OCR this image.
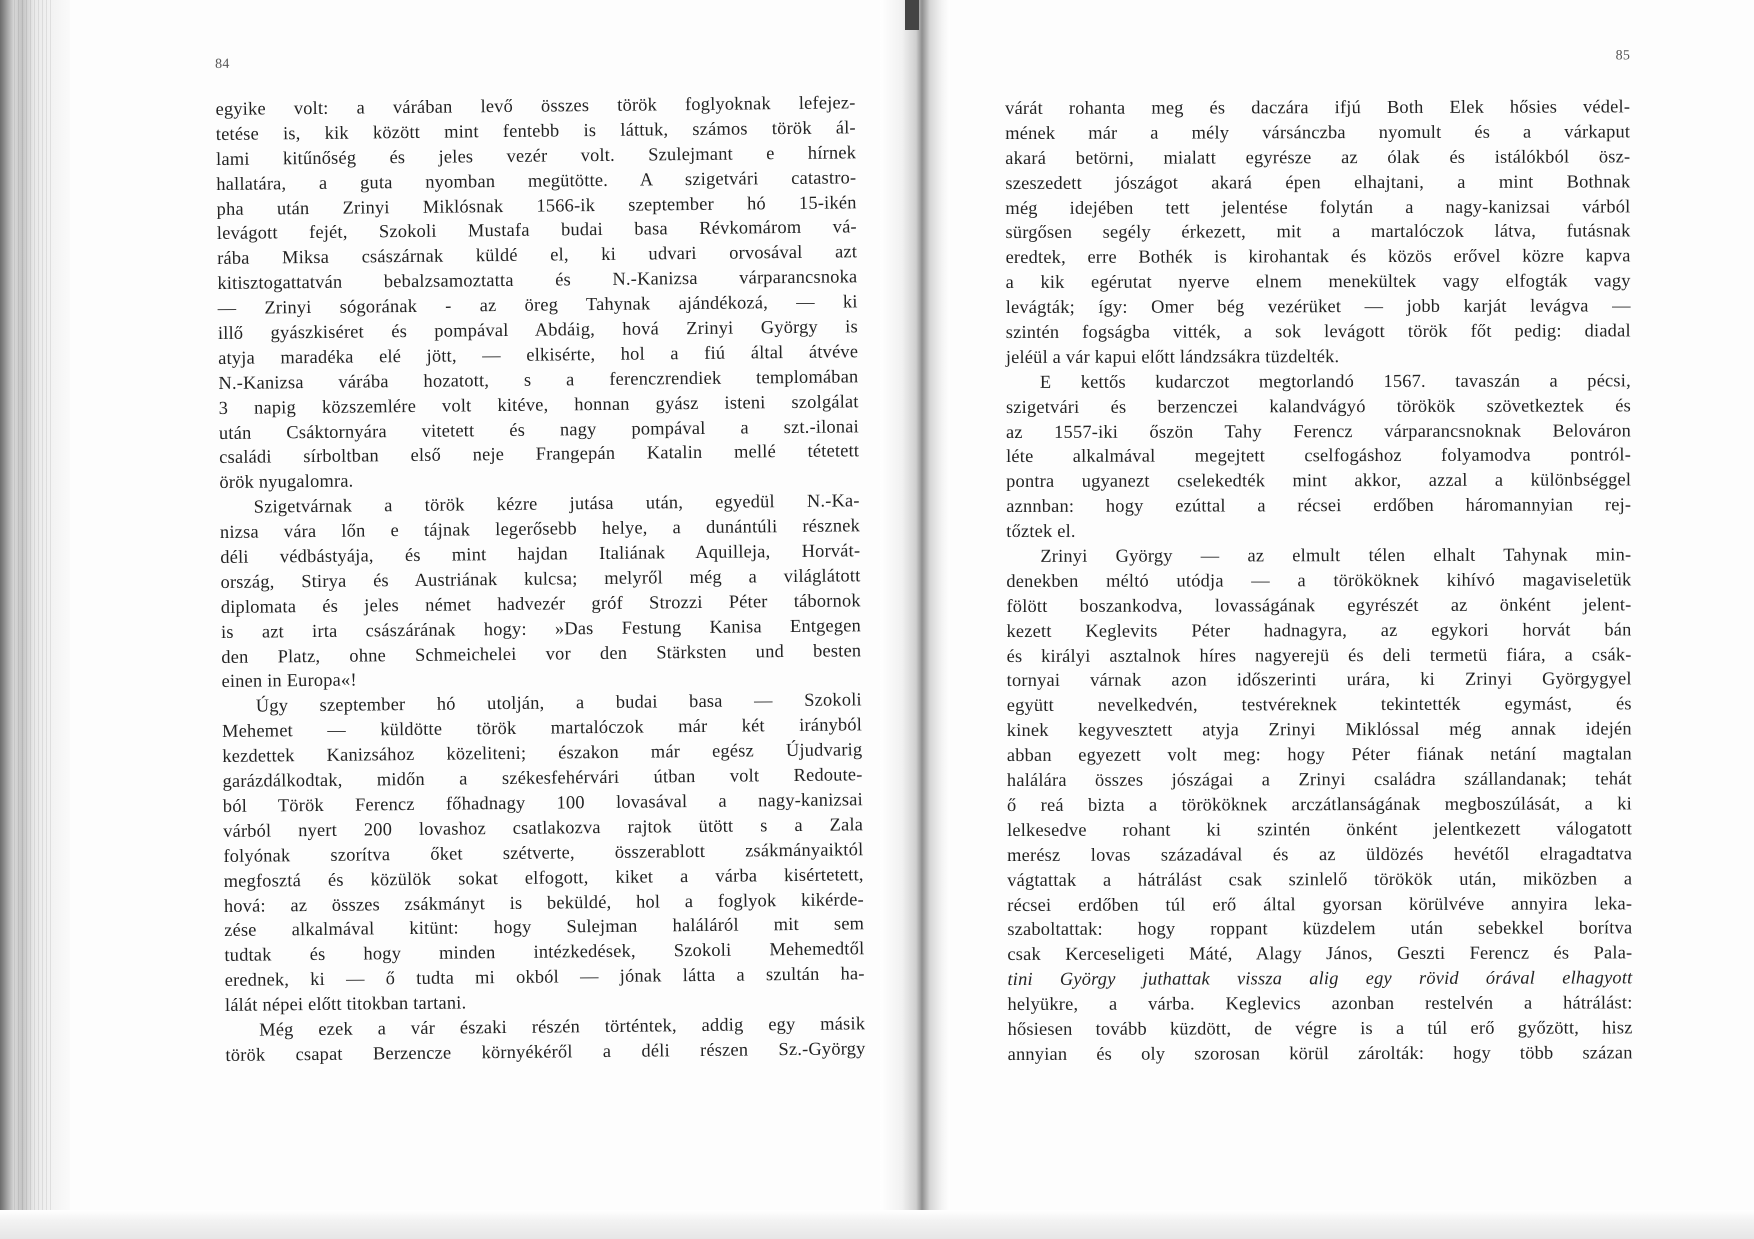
84
egyike volt: a várában levő összes török foglyoknak lefejez-
tetése is, kik között mint fentebb is láttuk, számos török ál-
lami kitűnőség és jeles vezér volt. Szulejmant e hírnek
hallatára, a guta nyomban megütötte. A szigetvári catastro-
pha után Zrinyi Miklósnak 1566-ik szeptember hó 15-ikén
levágott fejét, Szokoli Mustafa budai basa Révkomárom vá-
rába Miksa császárnak küldé el, ki udvari orvosával azt
kitisztogattatván bebalzsamoztatta és N.-Kanizsa várparancsnoka
— Zrinyi sógorának - az öreg Tahynak ajándékozá, — ki
illő gyászkiséret és pompával Abdáig, hová Zrinyi György is
atyja maradéka elé jött, — elkisérte, hol a fiú által átvéve
N.-Kanizsa várába hozatott, s a ferenczrendiek templomában
3 napig közszemlére volt kitéve, honnan gyász isteni szolgálat
után Csáktornyára vitetett és nagy pompával a szt.-ilonai
családi sírboltban első neje Frangepán Katalin mellé tétetett
örök nyugalomra.
Szigetvárnak a török kézre jutása után, egyedül N.-Ka-
nizsa vára lőn e tájnak legerősebb helye, a dunántúli résznek
déli védbástyája, és mint hajdan Italiának Aquilleja, Horvát-
ország, Stirya és Austriának kulcsa; melyről még a világlátott
diplomata és jeles német hadvezér gróf Strozzi Péter tábornok
is azt irta császárának hogy: »Das Festung Kanisa Entgegen
den Platz, ohne Schmeichelei vor den Stärksten und besten
einen in Europa«!
Úgy szeptember hó utolján, a budai basa — Szokoli
Mehemet — küldötte török martalóczok már két irányból
kezdettek Kanizsához közeliteni; északon már egész Újudvarig
garázdálkodtak, midőn a székesfehérvári útban volt Redoute-
ból Török Ferencz főhadnagy 100 lovasával a nagy-kanizsai
várból nyert 200 lovashoz csatlakozva rajtok ütött s a Zala
folyónak szorítva őket szétverte, összerablott zsákmányaiktól
megfosztá és közülök sokat elfogott, kiket a várba kisértetett,
hová: az összes zsákmányt is beküldé, hol a foglyok kikérde-
zése alkalmával kitünt: hogy Sulejman haláláról mit sem
tudtak és hogy minden intézkedések, Szokoli Mehemedtől
erednek, ki — ő tudta mi okból — jónak látta a szultán ha-
lálát népei előtt titokban tartani.
Még ezek a vár északi részén történtek, addig egy másik
török csapat Berzencze környékéről a déli részen Sz.-György
85
várát rohanta meg és daczára ifjú Both Elek hősies védel-
mének már a mély vársánczba nyomult és a várkaput
akará betörni, mialatt egyrésze az ólak és istálókból ösz-
szeszedett jószágot akará épen elhajtani, a mint Bothnak
még idejében tett jelentése folytán a nagy-kanizsai várból
sürgősen segély érkezett, mit a martalóczok látva, futásnak
eredtek, erre Bothék is kirohantak és közös erővel közre kapva
a kik egérutat nyerve elnem menekültek vagy elfogták vagy
levágták; így: Omer bég vezérüket — jobb karját levágva —
szintén fogságba vitték, a sok levágott török főt pedig: diadal
jeléül a vár kapui előtt lándzsákra tüzdelték.
E kettős kudarczot megtorlandó 1567. tavaszán a pécsi,
szigetvári és berzenczei kalandvágyó törökök szövetkeztek és
az 1557-iki őszön Tahy Ferencz várparancsnoknak Belováron
léte alkalmával megejtett cselfogáshoz folyamodva pontról-
pontra ugyanezt cselekedték mint akkor, azzal a különbséggel
aznnban: hogy ezúttal a récsei erdőben háromannyian rej-
tőztek el.
Zrinyi György — az elmult télen elhalt Tahynak min-
denekben méltó utódja — a törököknek kihívó magaviseletük
fölött boszankodva, lovasságának egyrészét az önként jelent-
kezett Keglevits Péter hadnagyra, az egykori horvát bán
és királyi asztalnok híres nagyerejü és deli termetü fiára, a csák-
tornyai várnak azon időszerinti urára, ki Zrinyi Györgygyel
együtt nevelkedvén, testvéreknek tekintették egymást, és
kinek kegyvesztett atyja Zrinyi Miklóssal még annak idején
abban egyezett volt meg: hogy Péter fiának netání magtalan
halálára összes jószágai a Zrinyi családra szállandanak; tehát
ő reá bizta a törököknek arczátlanságának megboszúlását, a ki
lelkesedve rohant ki szintén önként jelentkezett válogatott
merész lovas századával és az üldözés hevétől elragadtatva
vágtattak a hátrálást csak szinlelő törökök után, miközben a
récsei erdőben túl erő által gyorsan körülvéve annyira leka-
szaboltattak: hogy roppant küzdelem után sebekkel borítva
csak Kerceseligeti Máté, Alagy János, Geszti Ferencz és Pala-
tini György juthattak vissza alig egy rövid órával elhagyott
helyükre, a várba. Keglevics azonban restelvén a hátrálást:
hősiesen tovább küzdött, de végre is a túl erő győzött, hisz
annyian és oly szorosan körül zárolták: hogy több százan
